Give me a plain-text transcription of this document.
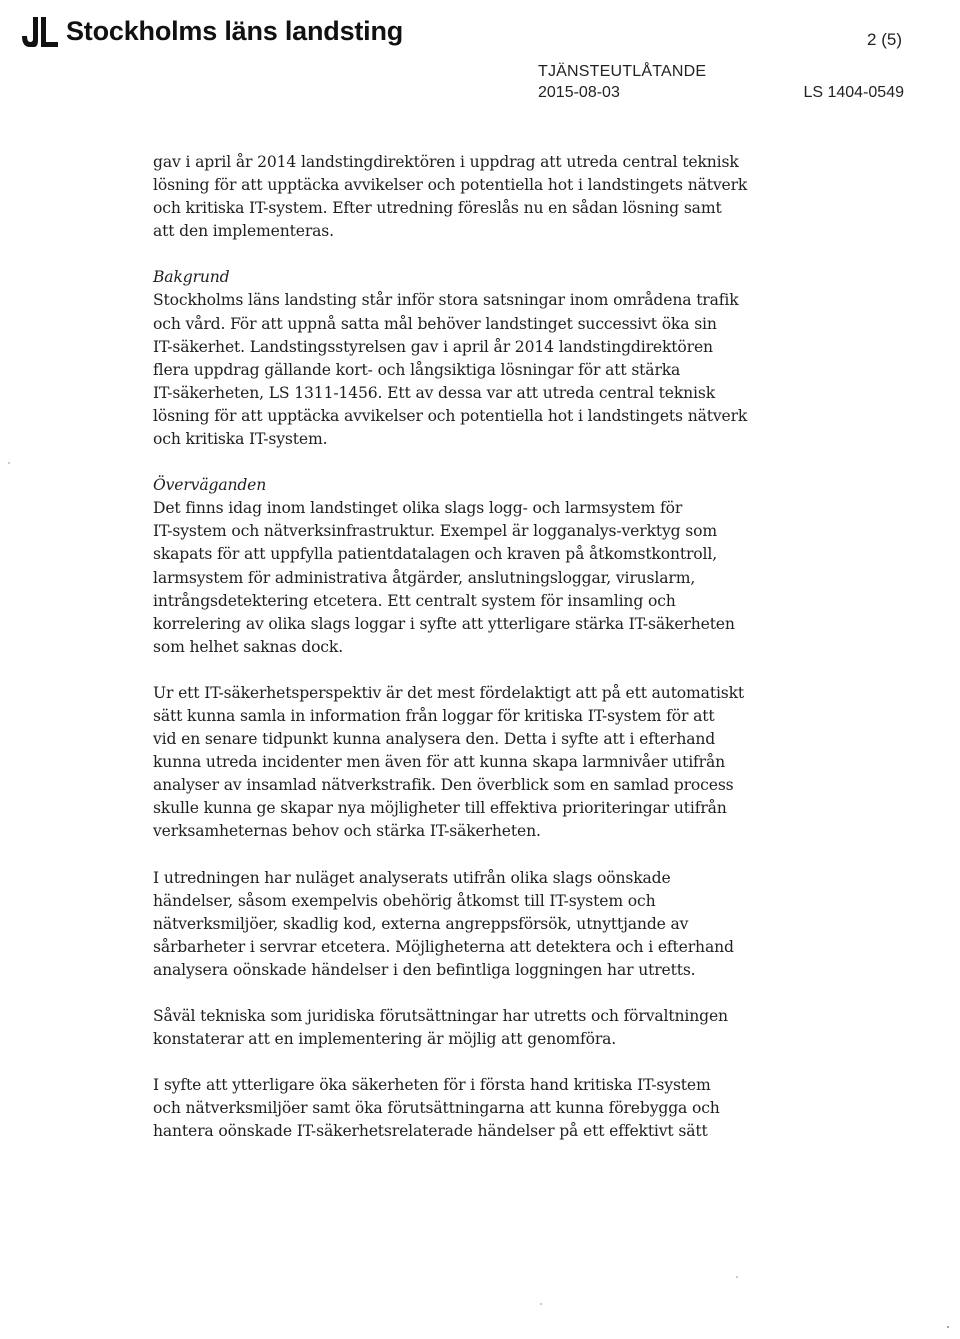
Stockholms läns landsting	2 (5)
TJÄNSTEUTLÅTANDE
2015-08-03	LS 1404-0549

gav i april år 2014 landstingdirektören i uppdrag att utreda central teknisk
lösning för att upptäcka avvikelser och potentiella hot i landstingets nätverk
och kritiska IT-system. Efter utredning föreslås nu en sådan lösning samt
att den implementeras.

Bakgrund
Stockholms läns landsting står inför stora satsningar inom områdena trafik
och vård. För att uppnå satta mål behöver landstinget successivt öka sin
IT-säkerhet. Landstingsstyrelsen gav i april år 2014 landstingdirektören
flera uppdrag gällande kort- och långsiktiga lösningar för att stärka
IT-säkerheten, LS 1311-1456. Ett av dessa var att utreda central teknisk
lösning för att upptäcka avvikelser och potentiella hot i landstingets nätverk
och kritiska IT-system.

Överväganden
Det finns idag inom landstinget olika slags logg- och larmsystem för
IT-system och nätverksinfrastruktur. Exempel är logganalys-verktyg som
skapats för att uppfylla patientdatalagen och kraven på åtkomstkontroll,
larmsystem för administrativa åtgärder, anslutningsloggar, viruslarm,
intrångsdetektering etcetera. Ett centralt system för insamling och
korrelering av olika slags loggar i syfte att ytterligare stärka IT-säkerheten
som helhet saknas dock.

Ur ett IT-säkerhetsperspektiv är det mest fördelaktigt att på ett automatiskt
sätt kunna samla in information från loggar för kritiska IT-system för att
vid en senare tidpunkt kunna analysera den. Detta i syfte att i efterhand
kunna utreda incidenter men även för att kunna skapa larmnivåer utifrån
analyser av insamlad nätverkstrafik. Den överblick som en samlad process
skulle kunna ge skapar nya möjligheter till effektiva prioriteringar utifrån
verksamheternas behov och stärka IT-säkerheten.

I utredningen har nuläget analyserats utifrån olika slags oönskade
händelser, såsom exempelvis obehörig åtkomst till IT-system och
nätverksmiljöer, skadlig kod, externa angreppsförsök, utnyttjande av
sårbarheter i servrar etcetera. Möjligheterna att detektera och i efterhand
analysera oönskade händelser i den befintliga loggningen har utretts.

Såväl tekniska som juridiska förutsättningar har utretts och förvaltningen
konstaterar att en implementering är möjlig att genomföra.

I syfte att ytterligare öka säkerheten för i första hand kritiska IT-system
och nätverksmiljöer samt öka förutsättningarna att kunna förebygga och
hantera oönskade IT-säkerhetsrelaterade händelser på ett effektivt sätt
